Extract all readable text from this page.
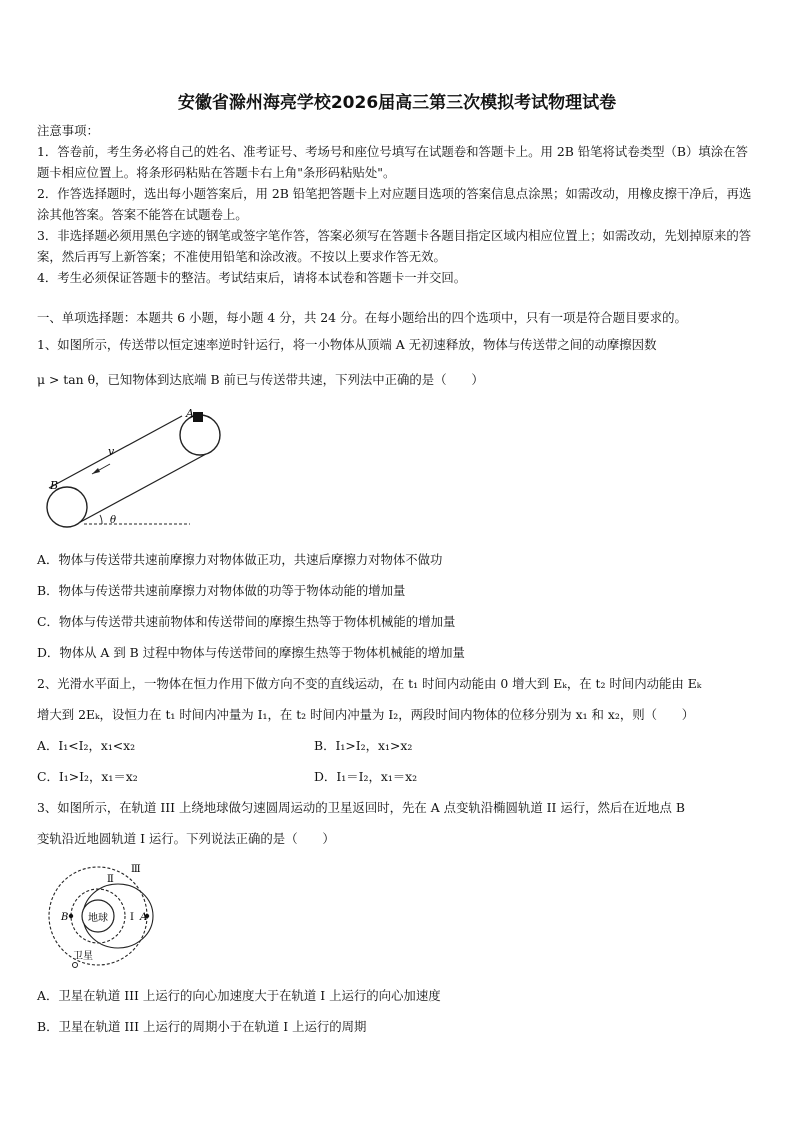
安徽省滁州海亮学校2026届高三第三次模拟考试物理试卷

注意事项：

1．答卷前，考生务必将自己的姓名、准考证号、考场号和座位号填写在试题卷和答题卡上。用 2B 铅笔将试卷类型（B）填涂在答题卡相应位置上。将条形码粘贴在答题卡右上角"条形码粘贴处"。

2．作答选择题时，选出每小题答案后，用 2B 铅笔把答题卡上对应题目选项的答案信息点涂黑；如需改动，用橡皮擦干净后，再选涂其他答案。答案不能答在试题卷上。

3．非选择题必须用黑色字迹的钢笔或签字笔作答，答案必须写在答题卡各题目指定区域内相应位置上；如需改动，先划掉原来的答案，然后再写上新答案；不准使用铅笔和涂改液。不按以上要求作答无效。

4．考生必须保证答题卡的整洁。考试结束后，请将本试卷和答题卡一并交回。

一、单项选择题：本题共 6 小题，每小题 4 分，共 24 分。在每小题给出的四个选项中，只有一项是符合题目要求的。

1、如图所示，传送带以恒定速率逆时针运行，将一小物体从顶端 A 无初速释放，物体与传送带之间的动摩擦因数

μ > tan θ，已知物体到达底端 B 前已与传送带共速，下列法中正确的是（　　）

B
A
v
θ

A．物体与传送带共速前摩擦力对物体做正功，共速后摩擦力对物体不做功

B．物体与传送带共速前摩擦力对物体做的功等于物体动能的增加量

C．物体与传送带共速前物体和传送带间的摩擦生热等于物体机械能的增加量

D．物体从 A 到 B 过程中物体与传送带间的摩擦生热等于物体机械能的增加量

2、光滑水平面上，一物体在恒力作用下做方向不变的直线运动，在 t₁ 时间内动能由 0 增大到 Eₖ，在 t₂ 时间内动能由 Eₖ

增大到 2Eₖ，设恒力在 t₁ 时间内冲量为 I₁，在 t₂ 时间内冲量为 I₂，两段时间内物体的位移分别为 x₁ 和 x₂，则（　　）

A．I₁<I₂，x₁<x₂	B．I₁>I₂，x₁>x₂

C．I₁>I₂，x₁＝x₂	D．I₁＝I₂，x₁＝x₂

3、如图所示，在轨道 III 上绕地球做匀速圆周运动的卫星返回时，先在 A 点变轨沿椭圆轨道 II 运行，然后在近地点 B

变轨沿近地圆轨道 I 运行。下列说法正确的是（　　）

地球
Ⅲ
Ⅱ
I A
B
卫星

A．卫星在轨道 III 上运行的向心加速度大于在轨道 I 上运行的向心加速度

B．卫星在轨道 III 上运行的周期小于在轨道 I 上运行的周期
